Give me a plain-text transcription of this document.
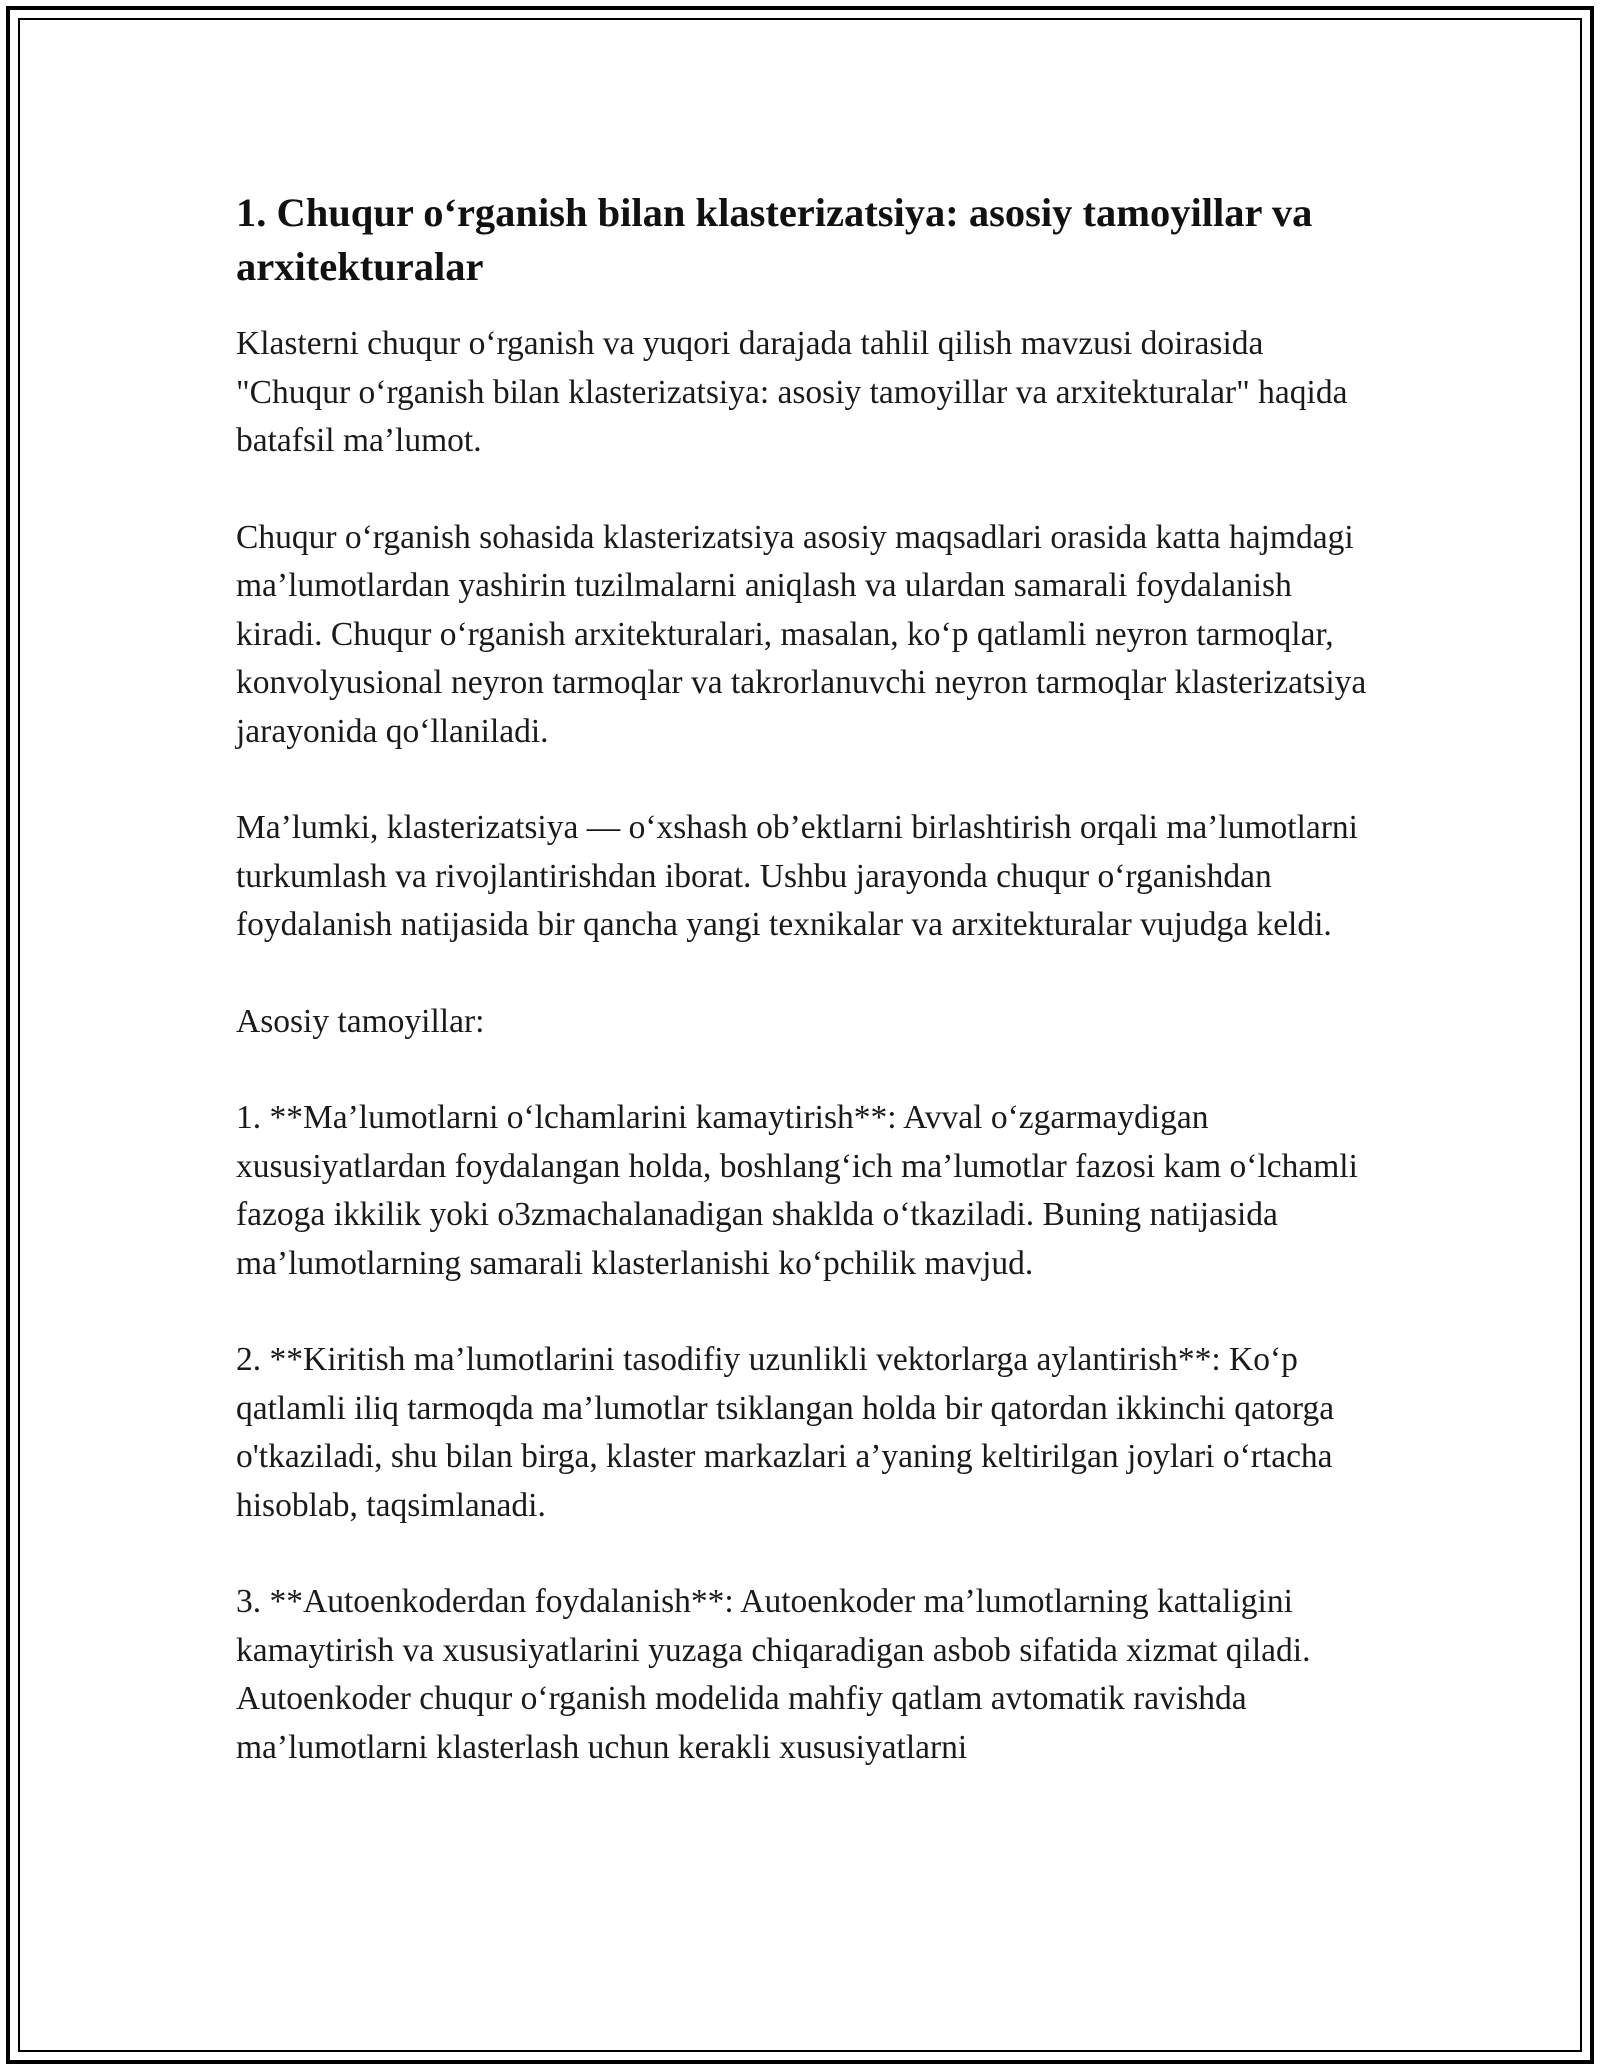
1. Chuqur o‘rganish bilan klasterizatsiya: asosiy tamoyillar va arxitekturalar

Klasterni chuqur o‘rganish va yuqori darajada tahlil qilish mavzusi doirasida "Chuqur o‘rganish bilan klasterizatsiya: asosiy tamoyillar va arxitekturalar" haqida batafsil ma’lumot.

Chuqur o‘rganish sohasida klasterizatsiya asosiy maqsadlari orasida katta hajmdagi ma’lumotlardan yashirin tuzilmalarni aniqlash va ulardan samarali foydalanish kiradi. Chuqur o‘rganish arxitekturalari, masalan, ko‘p qatlamli neyron tarmoqlar, konvolyusional neyron tarmoqlar va takrorlanuvchi neyron tarmoqlar klasterizatsiya jarayonida qo‘llaniladi.

Ma’lumki, klasterizatsiya — o‘xshash ob’ektlarni birlashtirish orqali ma’lumotlarni turkumlash va rivojlantirishdan iborat. Ushbu jarayonda chuqur o‘rganishdan foydalanish natijasida bir qancha yangi texnikalar va arxitekturalar vujudga keldi.

Asosiy tamoyillar:

1. **Ma’lumotlarni o‘lchamlarini kamaytirish**: Avval o‘zgarmaydigan xususiyatlardan foydalangan holda, boshlang‘ich ma’lumotlar fazosi kam o‘lchamli fazoga ikkilik yoki o3zmachalanadigan shaklda o‘tkaziladi. Buning natijasida ma’lumotlarning samarali klasterlanishi ko‘pchilik mavjud.

2. **Kiritish ma’lumotlarini tasodifiy uzunlikli vektorlarga aylantirish**: Ko‘p qatlamli iliq tarmoqda ma’lumotlar tsiklangan holda bir qatordan ikkinchi qatorga o'tkaziladi, shu bilan birga, klaster markazlari a’yaning keltirilgan joylari o‘rtacha hisoblab, taqsimlanadi.

3. **Autoenkoderdan foydalanish**: Autoenkoder ma’lumotlarning kattaligini kamaytirish va xususiyatlarini yuzaga chiqaradigan asbob sifatida xizmat qiladi. Autoenkoder chuqur o‘rganish modelida mahfiy qatlam avtomatik ravishda ma’lumotlarni klasterlash uchun kerakli xususiyatlarni
